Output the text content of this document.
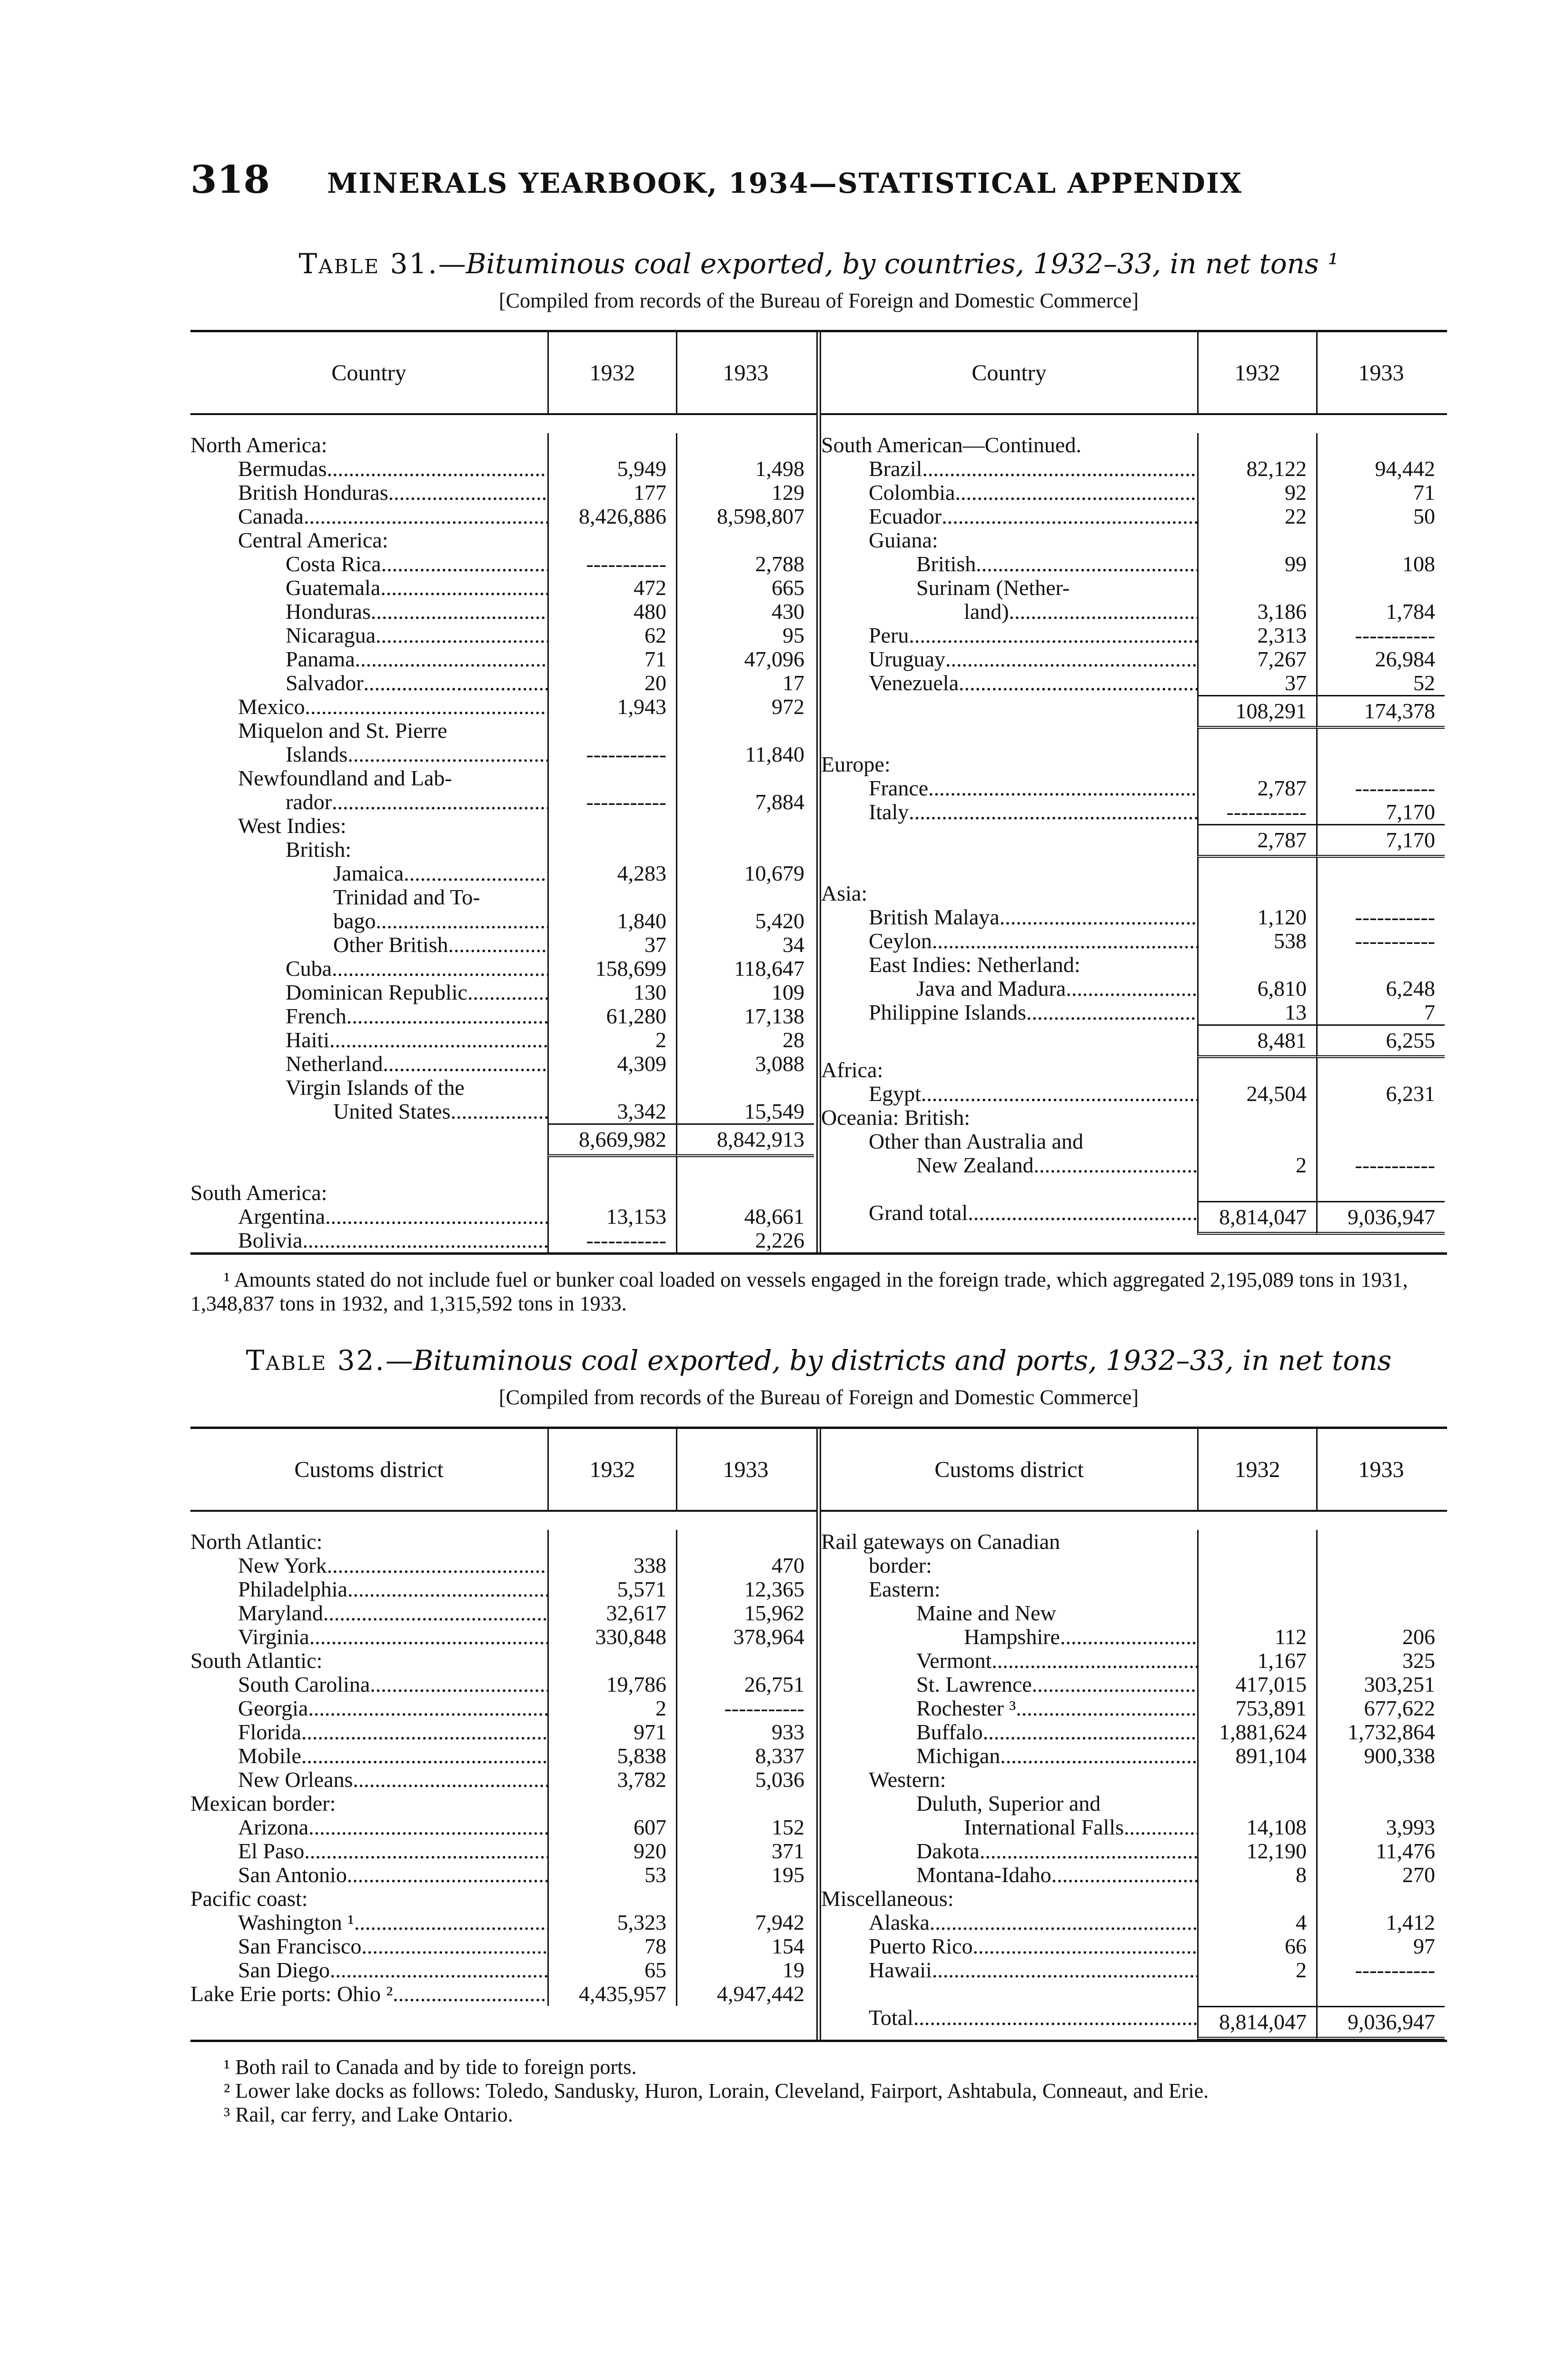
318 MINERALS YEARBOOK, 1934—STATISTICAL APPENDIX
Table 31.—Bituminous coal exported, by countries, 1932–33, in net tons ¹
[Compiled from records of the Bureau of Foreign and Domestic Commerce]
Country	1932	1933
North America:
Bermudas .....	5,949	1,498
British Honduras .....	177	129
Canada .....	8,426,886	8,598,807
Central America:
Costa Rica .....	-----------	2,788
Guatemala .....	472	665
Honduras .....	480	430
Nicaragua .....	62	95
Panama .....	71	47,096
Salvador .....	20	17
Mexico .....	1,943	972
Miquelon and St. Pierre
Islands .....	-----------	11,840
Newfoundland and Lab-
rador .....	-----------	7,884
West Indies:
British:
Jamaica .....	4,283	10,679
Trinidad and To-
bago .....	1,840	5,420
Other British .....	37	34
Cuba .....	158,699	118,647
Dominican Republic .....	130	109
French .....	61,280	17,138
Haiti .....	2	28
Netherland .....	4,309	3,088
Virgin Islands of the
United States .....	3,342	15,549
8,669,982	8,842,913
South America:
Argentina .....	13,153	48,661
Bolivia .....	-----------	2,226
Country	1932	1933
South American—Continued.
Brazil .....	82,122	94,442
Colombia .....	92	71
Ecuador .....	22	50
Guiana:
British .....	99	108
Surinam (Nether-
land) .....	3,186	1,784
Peru .....	2,313	-----------
Uruguay .....	7,267	26,984
Venezuela .....	37	52
108,291	174,378
Europe:
France .....	2,787	-----------
Italy .....	-----------	7,170
2,787	7,170
Asia:
British Malaya .....	1,120	-----------
Ceylon .....	538	-----------
East Indies: Netherland:
Java and Madura .....	6,810	6,248
Philippine Islands .....	13	7
8,481	6,255
Africa:
Egypt .....	24,504	6,231
Oceania: British:
Other than Australia and
New Zealand .....	2	-----------
Grand total .....	8,814,047	9,036,947

¹ Amounts stated do not include fuel or bunker coal loaded on vessels engaged in the foreign trade, which aggregated 2,195,089 tons in 1931, 1,348,837 tons in 1932, and 1,315,592 tons in 1933.

Table 32.—Bituminous coal exported, by districts and ports, 1932–33, in net tons
[Compiled from records of the Bureau of Foreign and Domestic Commerce]
Customs district	1932	1933
North Atlantic:
New York .....	338	470
Philadelphia .....	5,571	12,365
Maryland .....	32,617	15,962
Virginia .....	330,848	378,964
South Atlantic:
South Carolina .....	19,786	26,751
Georgia .....	2	-----------
Florida .....	971	933
Mobile .....	5,838	8,337
New Orleans .....	3,782	5,036
Mexican border:
Arizona .....	607	152
El Paso .....	920	371
San Antonio .....	53	195
Pacific coast:
Washington ¹ .....	5,323	7,942
San Francisco .....	78	154
San Diego .....	65	19
Lake Erie ports: Ohio ² .....	4,435,957	4,947,442
Customs district	1932	1933
Rail gateways on Canadian
border:
Eastern:
Maine and New
Hampshire .....	112	206
Vermont .....	1,167	325
St. Lawrence .....	417,015	303,251
Rochester ³ .....	753,891	677,622
Buffalo .....	1,881,624	1,732,864
Michigan .....	891,104	900,338
Western:
Duluth, Superior and
International Falls .....	14,108	3,993
Dakota .....	12,190	11,476
Montana-Idaho .....	8	270
Miscellaneous:
Alaska .....	4	1,412
Puerto Rico .....	66	97
Hawaii .....	2	-----------
Total .....	8,814,047	9,036,947

¹ Both rail to Canada and by tide to foreign ports.

² Lower lake docks as follows: Toledo, Sandusky, Huron, Lorain, Cleveland, Fairport, Ashtabula, Conneaut, and Erie.

³ Rail, car ferry, and Lake Ontario.
